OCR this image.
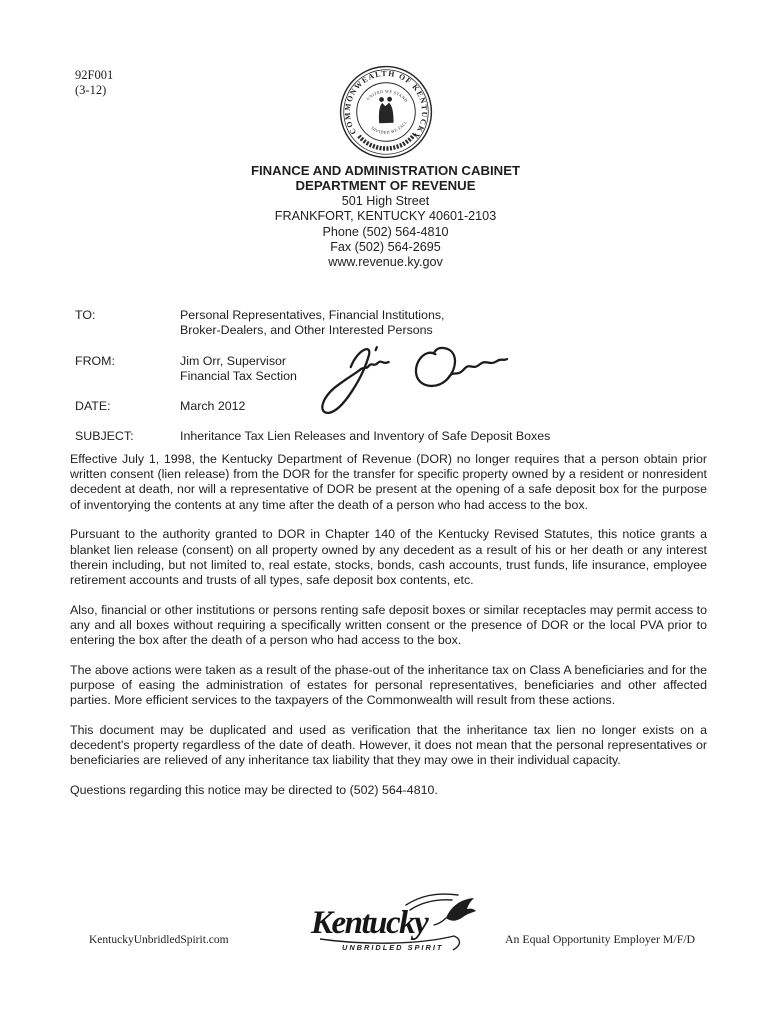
92F001
(3-12)
COMMONWEALTH OF KENTUCKY
UNITED WE STAND
DIVIDED WE FALL
FINANCE AND ADMINISTRATION CABINET
DEPARTMENT OF REVENUE
501 High Street
FRANKFORT, KENTUCKY 40601-2103
Phone (502) 564-4810
Fax (502) 564-2695
www.revenue.ky.gov
TO:	Personal Representatives, Financial Institutions,
Broker-Dealers, and Other Interested Persons
FROM:	Jim Orr, Supervisor
Financial Tax Section
DATE:	March 2012
SUBJECT:	Inheritance Tax Lien Releases and Inventory of Safe Deposit Boxes

Effective July 1, 1998, the Kentucky Department of Revenue (DOR) no longer requires that a person obtain prior written consent (lien release) from the DOR for the transfer for specific property owned by a resident or nonresident decedent at death, nor will a representative of DOR be present at the opening of a safe deposit box for the purpose of inventorying the contents at any time after the death of a person who had access to the box.

Pursuant to the authority granted to DOR in Chapter 140 of the Kentucky Revised Statutes, this notice grants a blanket lien release (consent) on all property owned by any decedent as a result of his or her death or any interest therein including, but not limited to, real estate, stocks, bonds, cash accounts, trust funds, life insurance, employee retirement accounts and trusts of all types, safe deposit box contents, etc.

Also, financial or other institutions or persons renting safe deposit boxes or similar receptacles may permit access to any and all boxes without requiring a specifically written consent or the presence of DOR or the local PVA prior to entering the box after the death of a person who had access to the box.

The above actions were taken as a result of the phase-out of the inheritance tax on Class A beneficiaries and for the purpose of easing the administration of estates for personal representatives, beneficiaries and other affected parties. More efficient services to the taxpayers of the Commonwealth will result from these actions.

This document may be duplicated and used as verification that the inheritance tax lien no longer exists on a decedent's property regardless of the date of death. However, it does not mean that the personal representatives or beneficiaries are relieved of any inheritance tax liability that they may owe in their individual capacity.

Questions regarding this notice may be directed to (502) 564-4810.

KentuckyUnbridledSpirit.com Kentucky
UNBRIDLED SPIRIT
An Equal Opportunity Employer M/F/D
